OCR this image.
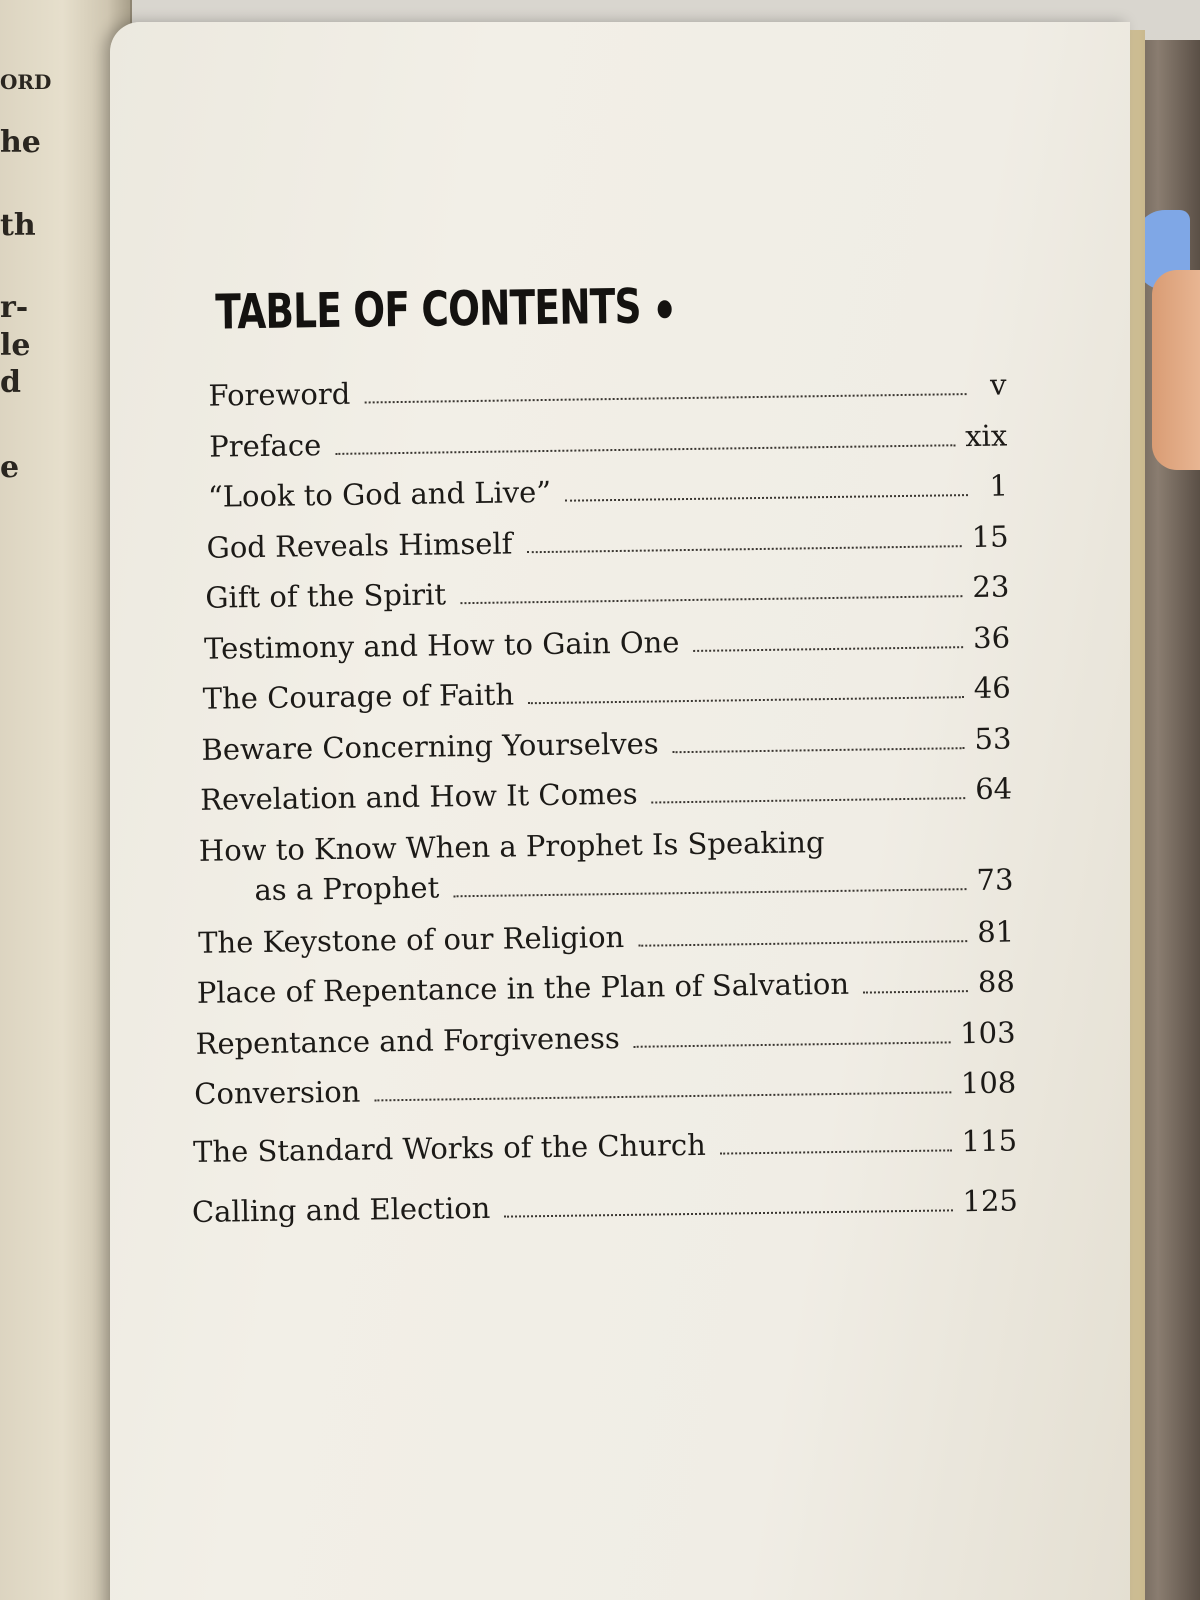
ORD
he
th
r-
le
d
e
TABLE OF CONTENTS
Foreword	v
Preface	xix
“Look to God and Live”	1
God Reveals Himself	15
Gift of the Spirit	23
Testimony and How to Gain One	36
The Courage of Faith	46
Beware Concerning Yourselves	53
Revelation and How It Comes	64
How to Know When a Prophet Is Speaking
as a Prophet	73
The Keystone of our Religion	81
Place of Repentance in the Plan of Salvation	88
Repentance and Forgiveness	103
Conversion	108
The Standard Works of the Church	115
Calling and Election	125
